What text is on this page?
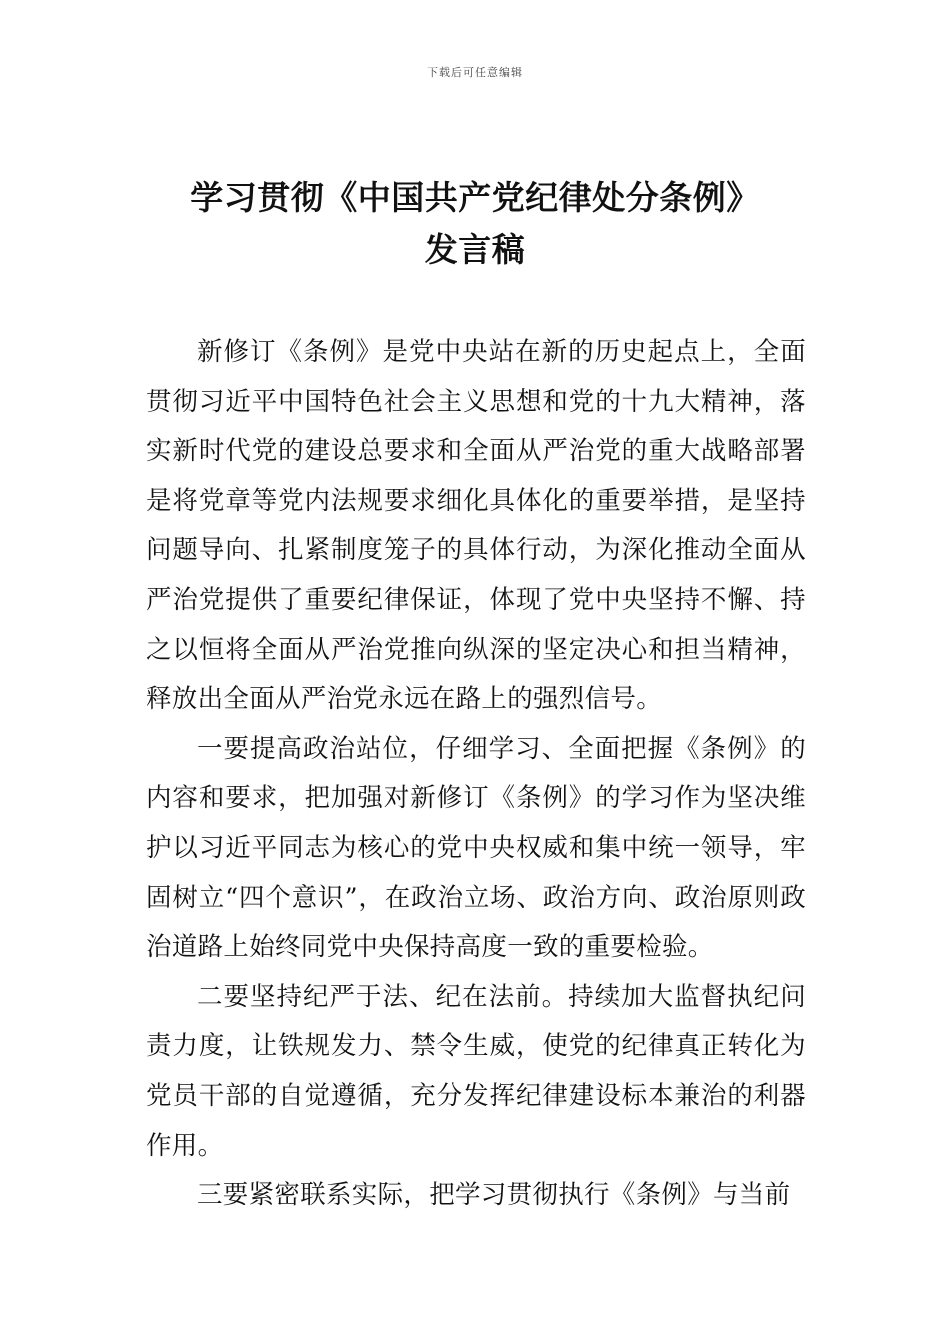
下载后可任意编辑
学习贯彻《中国共产党纪律处分条例》
发言稿

新修订《条例》是党中央站在新的历史起点上，全面贯彻习近平中国特色社会主义思想和党的十九大精神，落实新时代党的建设总要求和全面从严治党的重大战略部署是将党章等党内法规要求细化具体化的重要举措，是坚持问题导向、扎紧制度笼子的具体行动，为深化推动全面从严治党提供了重要纪律保证，体现了党中央坚持不懈、持之以恒将全面从严治党推向纵深的坚定决心和担当精神，释放出全面从严治党永远在路上的强烈信号。

一要提高政治站位，仔细学习、全面把握《条例》的内容和要求，把加强对新修订《条例》的学习作为坚决维护以习近平同志为核心的党中央权威和集中统一领导，牢固树立“四个意识”，在政治立场、政治方向、政治原则政治道路上始终同党中央保持高度一致的重要检验。

二要坚持纪严于法、纪在法前。持续加大监督执纪问责力度，让铁规发力、禁令生威，使党的纪律真正转化为党员干部的自觉遵循，充分发挥纪律建设标本兼治的利器作用。

三要紧密联系实际，把学习贯彻执行《条例》与当前
